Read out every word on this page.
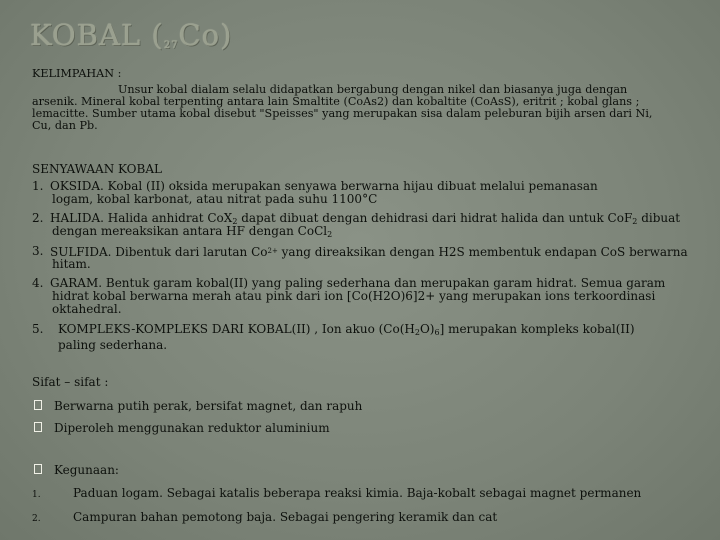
KOBAL $(_{27}Co)$

KELIMPAHAN :

Unsur kobal dialam selalu didapatkan bergabung dengan nikel dan biasanya juga dengan

arsenik. Mineral kobal terpenting antara lain Smaltite (CoAs2) dan kobaltite (CoAsS), eritrit ; kobal glans ;

lemacitte. Sumber utama kobal disebut "Speisses" yang merupakan sisa dalam peleburan bijih arsen dari Ni,

Cu, dan Pb.

SENYAWAAN KOBAL

1. OKSIDA. Kobal (II) oksida merupakan senyawa berwarna hijau dibuat melalui pemanasan

logam, kobal karbonat, atau nitrat pada suhu 1100°C

2. HALIDA. Halida anhidrat CoX$_2$ dapat dibuat dengan dehidrasi dari hidrat halida dan untuk CoF$_2$ dibuat

dengan mereaksikan antara HF dengan CoCl$_2$

3. SULFIDA. Dibentuk dari larutan $Co^{2+}$ yang direaksikan dengan H2S membentuk endapan CoS berwarna

hitam.

4. GARAM. Bentuk garam kobal(II) yang paling sederhana dan merupakan garam hidrat. Semua garam

hidrat kobal berwarna merah atau pink dari ion [Co(H2O)6]2+ yang merupakan ions terkoordinasi

oktahedral.

5. KOMPLEKS-KOMPLEKS DARI KOBAL(II) , Ion akuo $(Co(H_2O)_6]$ merupakan kompleks kobal(II)

paling sederhana.

Sifat – sifat :

Berwarna putih perak, bersifat magnet, dan rapuh

Diperoleh menggunakan reduktor aluminium

Kegunaan:

1.	Paduan logam. Sebagai katalis beberapa reaksi kimia. Baja-kobalt sebagai magnet permanen

2.	Campuran bahan pemotong baja. Sebagai pengering keramik dan cat
